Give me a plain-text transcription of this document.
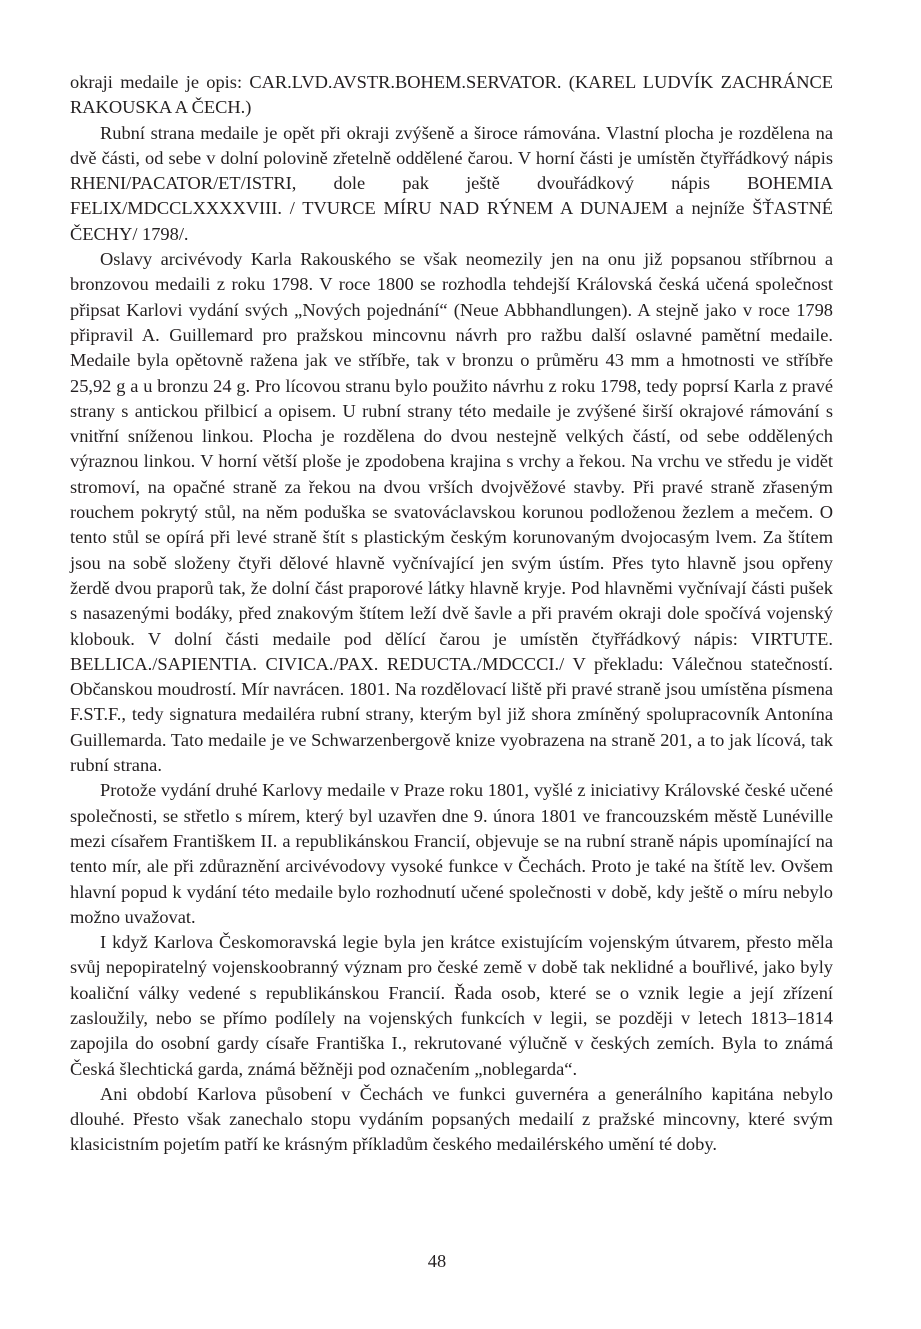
okraji medaile je opis: CAR.LVD.AVSTR.BOHEM.SERVATOR. (KAREL LUDVÍK ZACHRÁNCE RAKOUSKA A ČECH.)

Rubní strana medaile je opět při okraji zvýšeně a široce rámována. Vlastní plocha je rozdělena na dvě části, od sebe v dolní polovině zřetelně oddělené čarou. V horní části je umístěn čtyřřádkový nápis RHENI/PACATOR/ET/ISTRI, dole pak ještě dvouřádkový nápis BOHEMIA FELIX/MDCCLXXXXVIII. / TVURCE MÍRU NAD RÝNEM A DUNAJEM a nejníže ŠŤASTNÉ ČECHY/ 1798/.

Oslavy arcivévody Karla Rakouského se však neomezily jen na onu již popsanou stříbrnou a bronzovou medaili z roku 1798. V roce 1800 se rozhodla tehdejší Královská česká učená společnost připsat Karlovi vydání svých „Nových pojednání“ (Neue Abbhandlungen). A stejně jako v roce 1798 připravil A. Guillemard pro pražskou mincovnu návrh pro ražbu další oslavné pamětní medaile. Medaile byla opětovně ražena jak ve stříbře, tak v bronzu o průměru 43 mm a hmotnosti ve stříbře 25,92 g a u bronzu 24 g. Pro lícovou stranu bylo použito návrhu z roku 1798, tedy poprsí Karla z pravé strany s antickou přilbicí a opisem. U rubní strany této medaile je zvýšené širší okrajové rámování s vnitřní sníženou linkou. Plocha je rozdělena do dvou nestejně velkých částí, od sebe oddělených výraznou linkou. V horní větší ploše je zpodobena krajina s vrchy a řekou. Na vrchu ve středu je vidět stromoví, na opačné straně za řekou na dvou vrších dvojvěžové stavby. Při pravé straně zřaseným rouchem pokrytý stůl, na něm poduška se svatováclavskou korunou podloženou žezlem a mečem. O tento stůl se opírá při levé straně štít s plastickým českým korunovaným dvojocasým lvem. Za štítem jsou na sobě složeny čtyři dělové hlavně vyčnívající jen svým ústím. Přes tyto hlavně jsou opřeny žerdě dvou praporů tak, že dolní část praporové látky hlavně kryje. Pod hlavněmi vyčnívají části pušek s nasazenými bodáky, před znakovým štítem leží dvě šavle a při pravém okraji dole spočívá vojenský klobouk. V dolní části medaile pod dělící čarou je umístěn čtyřřádkový nápis: VIRTUTE. BELLICA./SAPIENTIA. CIVICA./PAX. REDUCTA./MDCCCI./ V překladu: Válečnou statečností. Občanskou moudrostí. Mír navrácen. 1801. Na rozdělovací liště při pravé straně jsou umístěna písmena F.ST.F., tedy signatura medailéra rubní strany, kterým byl již shora zmíněný spolupracovník Antonína Guillemarda. Tato medaile je ve Schwarzenbergově knize vyobrazena na straně 201, a to jak lícová, tak rubní strana.

Protože vydání druhé Karlovy medaile v Praze roku 1801, vyšlé z iniciativy Královské české učené společnosti, se střetlo s mírem, který byl uzavřen dne 9. února 1801 ve francouzském městě Lunéville mezi císařem Františkem II. a republikánskou Francií, objevuje se na rubní straně nápis upomínající na tento mír, ale při zdůraznění arcivévodovy vysoké funkce v Čechách. Proto je také na štítě lev. Ovšem hlavní popud k vydání této medaile bylo rozhodnutí učené společnosti v době, kdy ještě o míru nebylo možno uvažovat.

I když Karlova Českomoravská legie byla jen krátce existujícím vojenským útvarem, přesto měla svůj nepopiratelný vojenskoobranný význam pro české země v době tak neklidné a bouřlivé, jako byly koaliční války vedené s republikánskou Francií. Řada osob, které se o vznik legie a její zřízení zasloužily, nebo se přímo podílely na vojenských funkcích v legii, se později v letech 1813–1814 zapojila do osobní gardy císaře Františka I., rekrutované výlučně v českých zemích. Byla to známá Česká šlechtická garda, známá běžněji pod označením „noblegarda“.

Ani období Karlova působení v Čechách ve funkci guvernéra a generálního kapitána nebylo dlouhé. Přesto však zanechalo stopu vydáním popsaných medailí z pražské mincovny, které svým klasicistním pojetím patří ke krásným příkladům českého medailérského umění té doby.

48
